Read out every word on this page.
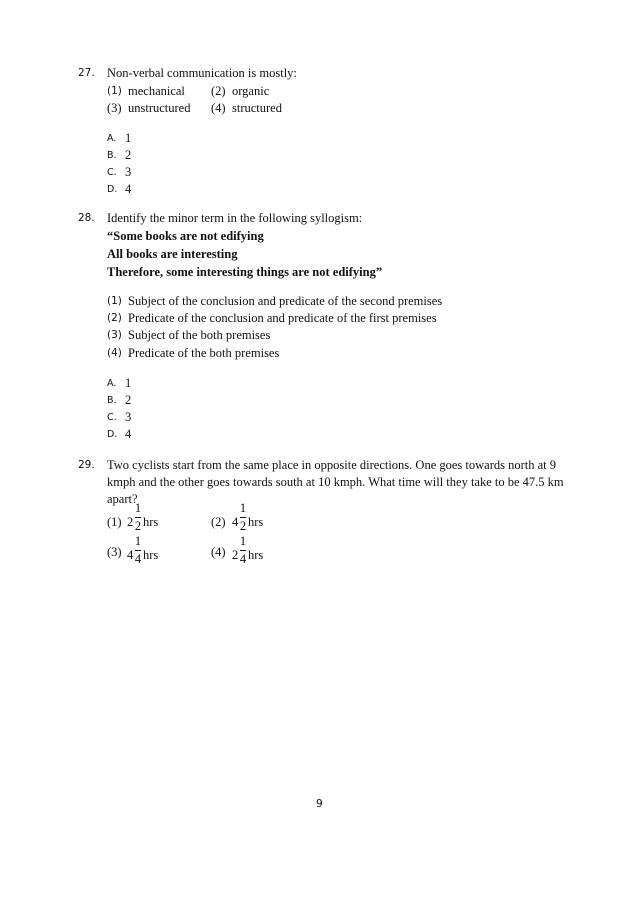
27. Non-verbal communication is mostly:
(1) mechanical (2) organic
(3) unstructured (4) structured
A. 1
B. 2
C. 3
D. 4
28. Identify the minor term in the following syllogism:
“Some books are not edifying
All books are interesting
Therefore, some interesting things are not edifying”
(1) Subject of the conclusion and predicate of the second premises
(2) Predicate of the conclusion and predicate of the first premises
(3) Subject of the both premises
(4) Predicate of the both premises
A. 1
B. 2
C. 3
D. 4
29. Two cyclists start from the same place in opposite directions. One goes towards north at 9
kmph and the other goes towards south at 10 kmph. What time will they take to be 47.5 km
apart?
(1) 2
1
2 hrs	(2) 4
1
2 hrs
(3) 4
1
4 hrs	(4) 2
1
4 hrs
9
